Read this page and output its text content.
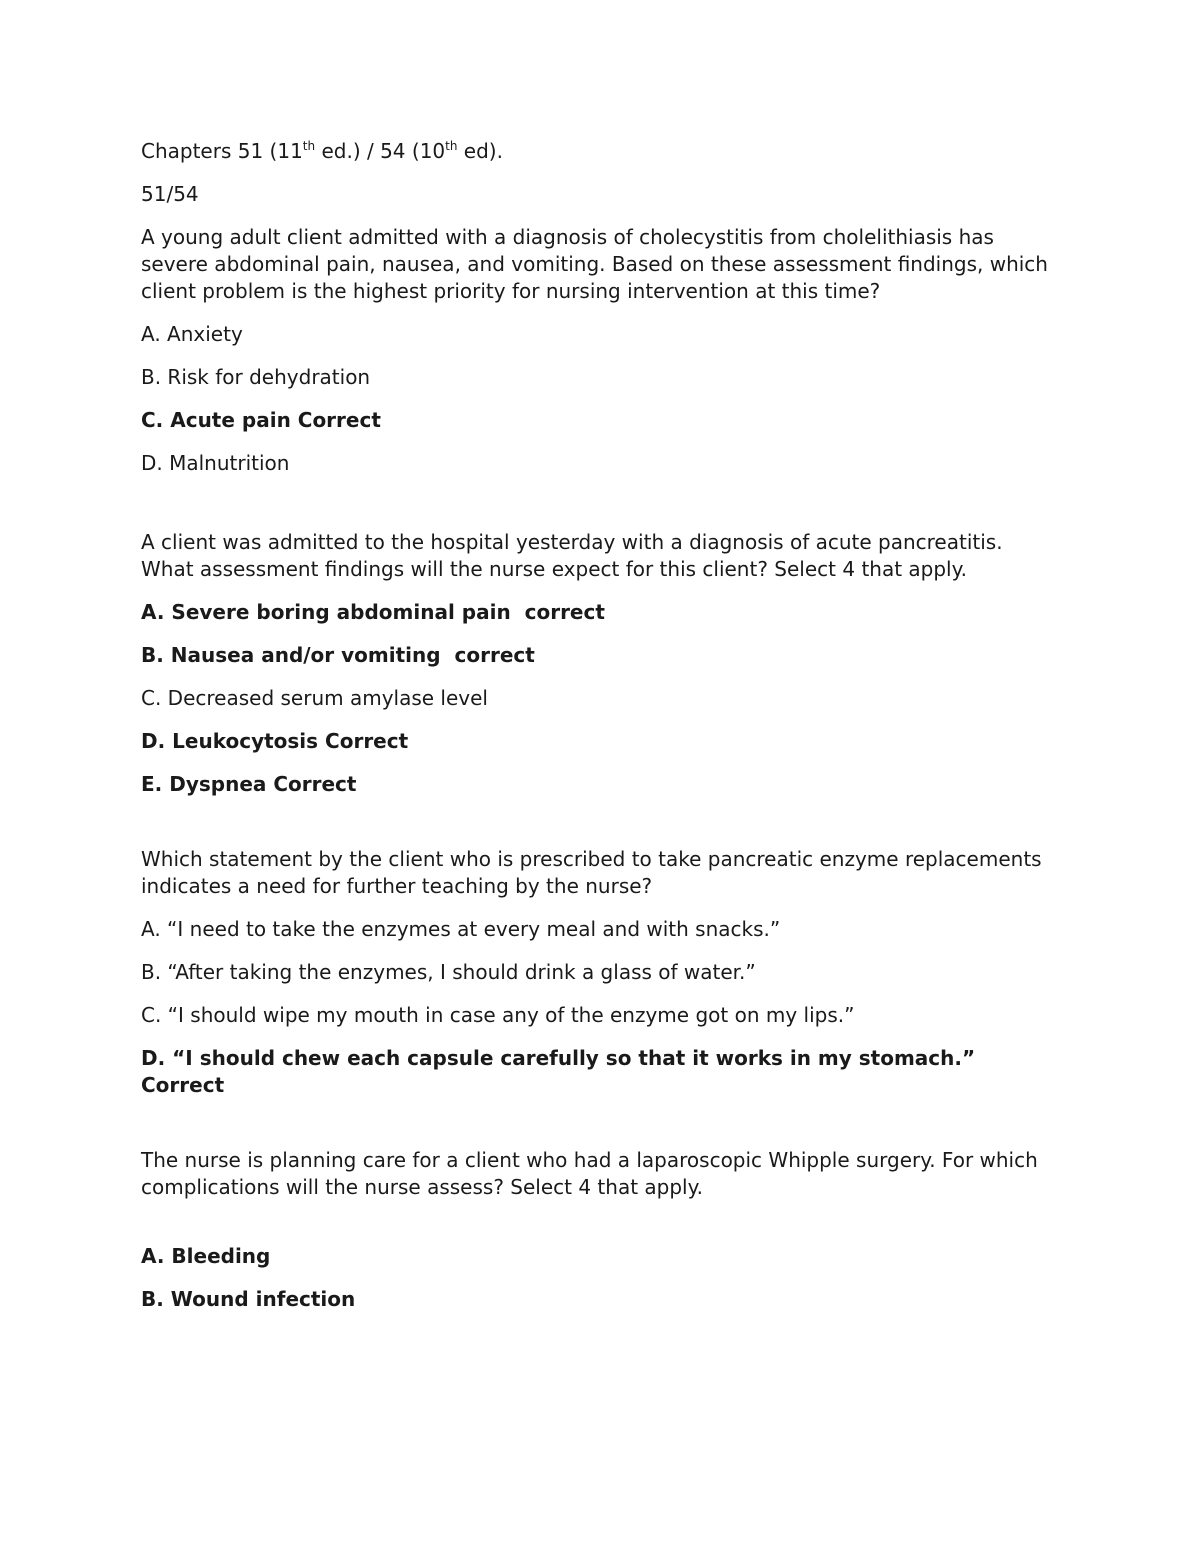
Chapters 51 (11th ed.) / 54 (10th ed).

51/54

A young adult client admitted with a diagnosis of cholecystitis from cholelithiasis has severe abdominal pain, nausea, and vomiting. Based on these assessment findings, which client problem is the highest priority for nursing intervention at this time?

A. Anxiety

B. Risk for dehydration

C. Acute pain Correct

D. Malnutrition

A client was admitted to the hospital yesterday with a diagnosis of acute pancreatitis. What assessment findings will the nurse expect for this client? Select 4 that apply.

A. Severe boring abdominal pain  correct

B. Nausea and/or vomiting  correct

C. Decreased serum amylase level

D. Leukocytosis Correct

E. Dyspnea Correct

Which statement by the client who is prescribed to take pancreatic enzyme replacements indicates a need for further teaching by the nurse?

A. “I need to take the enzymes at every meal and with snacks.”

B. “After taking the enzymes, I should drink a glass of water.”

C. “I should wipe my mouth in case any of the enzyme got on my lips.”

D. “I should chew each capsule carefully so that it works in my stomach.” Correct

The nurse is planning care for a client who had a laparoscopic Whipple surgery. For which complications will the nurse assess? Select 4 that apply.

A. Bleeding

B. Wound infection
